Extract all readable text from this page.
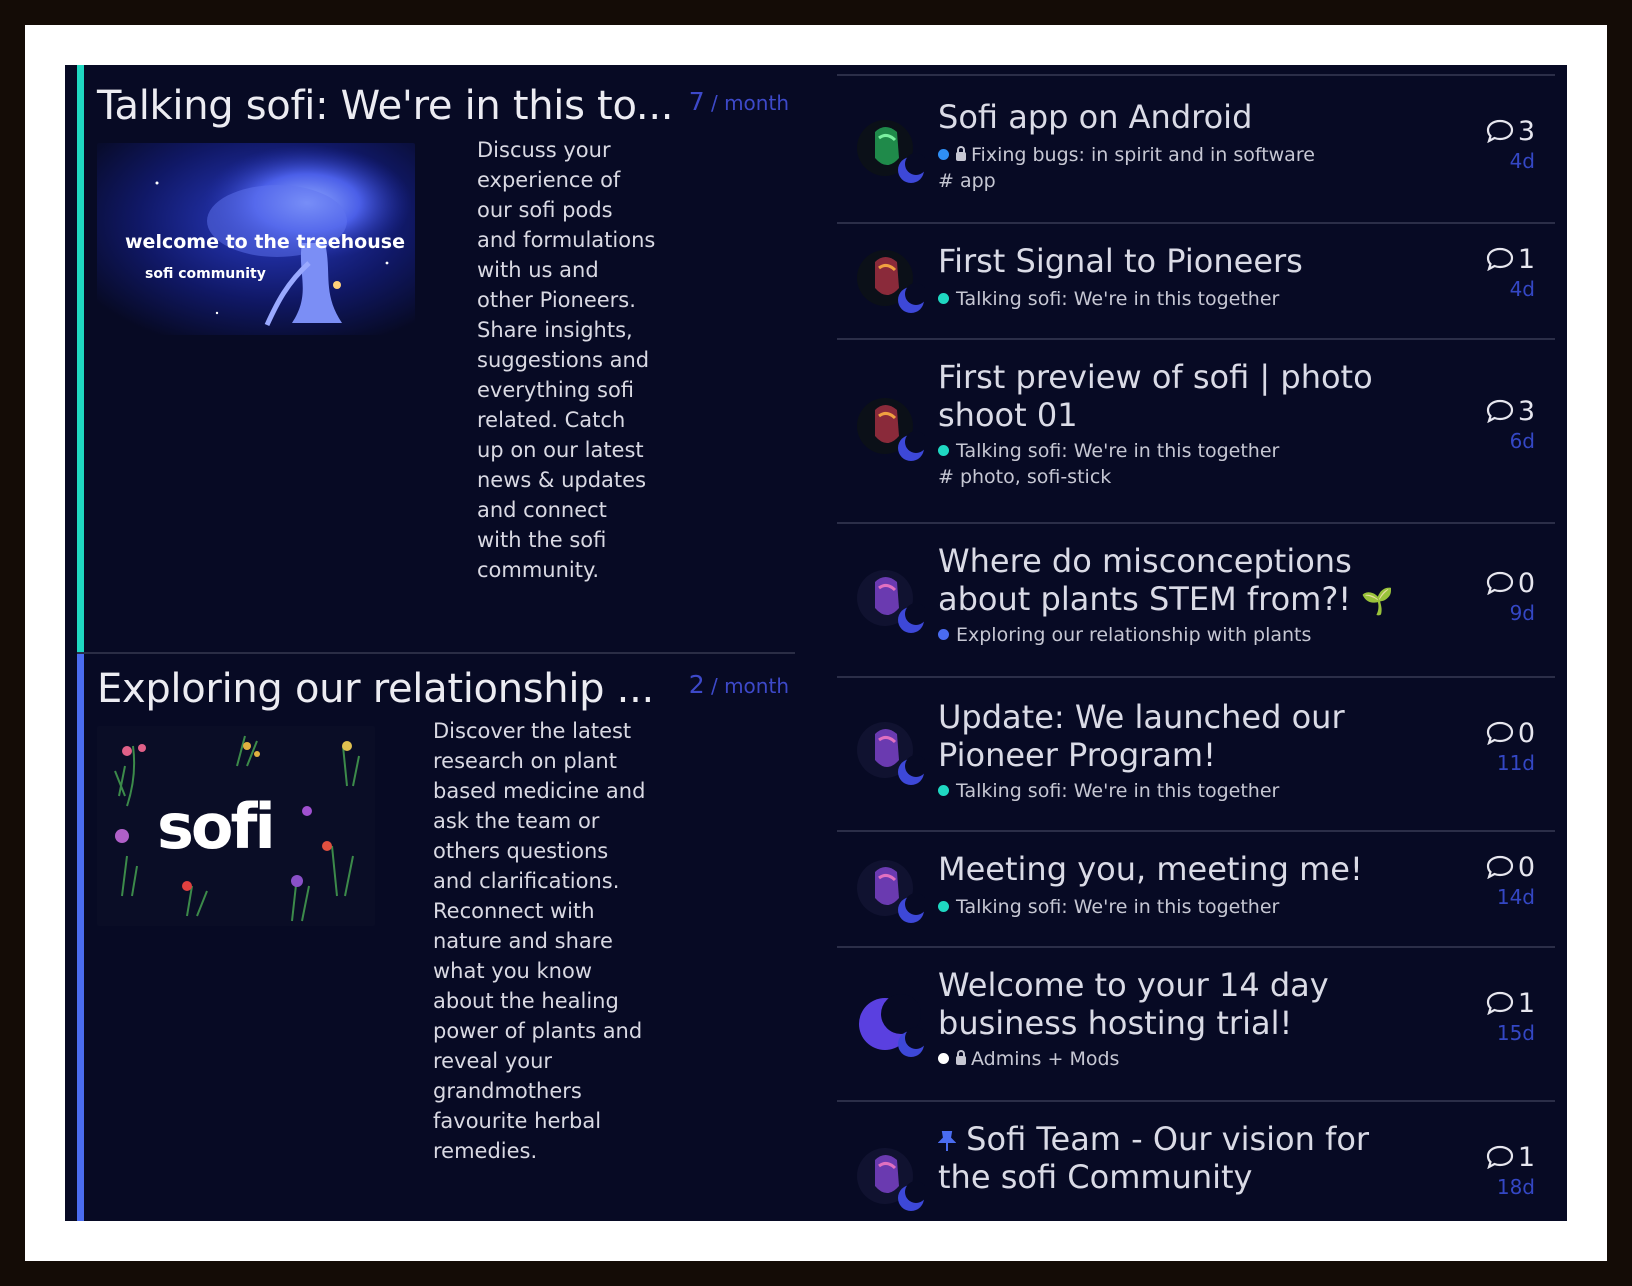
Talking sofi: We're in this to... 7 / month
welcome to the treehouse
sofi community
Discuss your experience of our sofi pods and formulations with us and other Pioneers. Share insights, suggestions and everything sofi related. Catch up on our latest news & updates and connect with the sofi community.
Exploring our relationship ... 2 / month
sofi
Discover the latest research on plant based medicine and ask the team or others questions and clarifications. Reconnect with nature and share what you know about the healing power of plants and reveal your grandmothers favourite herbal remedies.
Sofi app on Android
Fixing bugs: in spirit and in software
# app
3
4d
First Signal to Pioneers
Talking sofi: We're in this together
1
4d
First preview of sofi | photo shoot 01
Talking sofi: We're in this together
# photo, sofi-stick
3
6d
Where do misconceptions about plants STEM from?! 🌱
Exploring our relationship with plants
0
9d
Update: We launched our Pioneer Program!
Talking sofi: We're in this together
0
11d
Meeting you, meeting me!
Talking sofi: We're in this together
0
14d
Welcome to your 14 day business hosting trial!
Admins + Mods
1
15d
Sofi Team - Our vision for the sofi Community
1
18d
